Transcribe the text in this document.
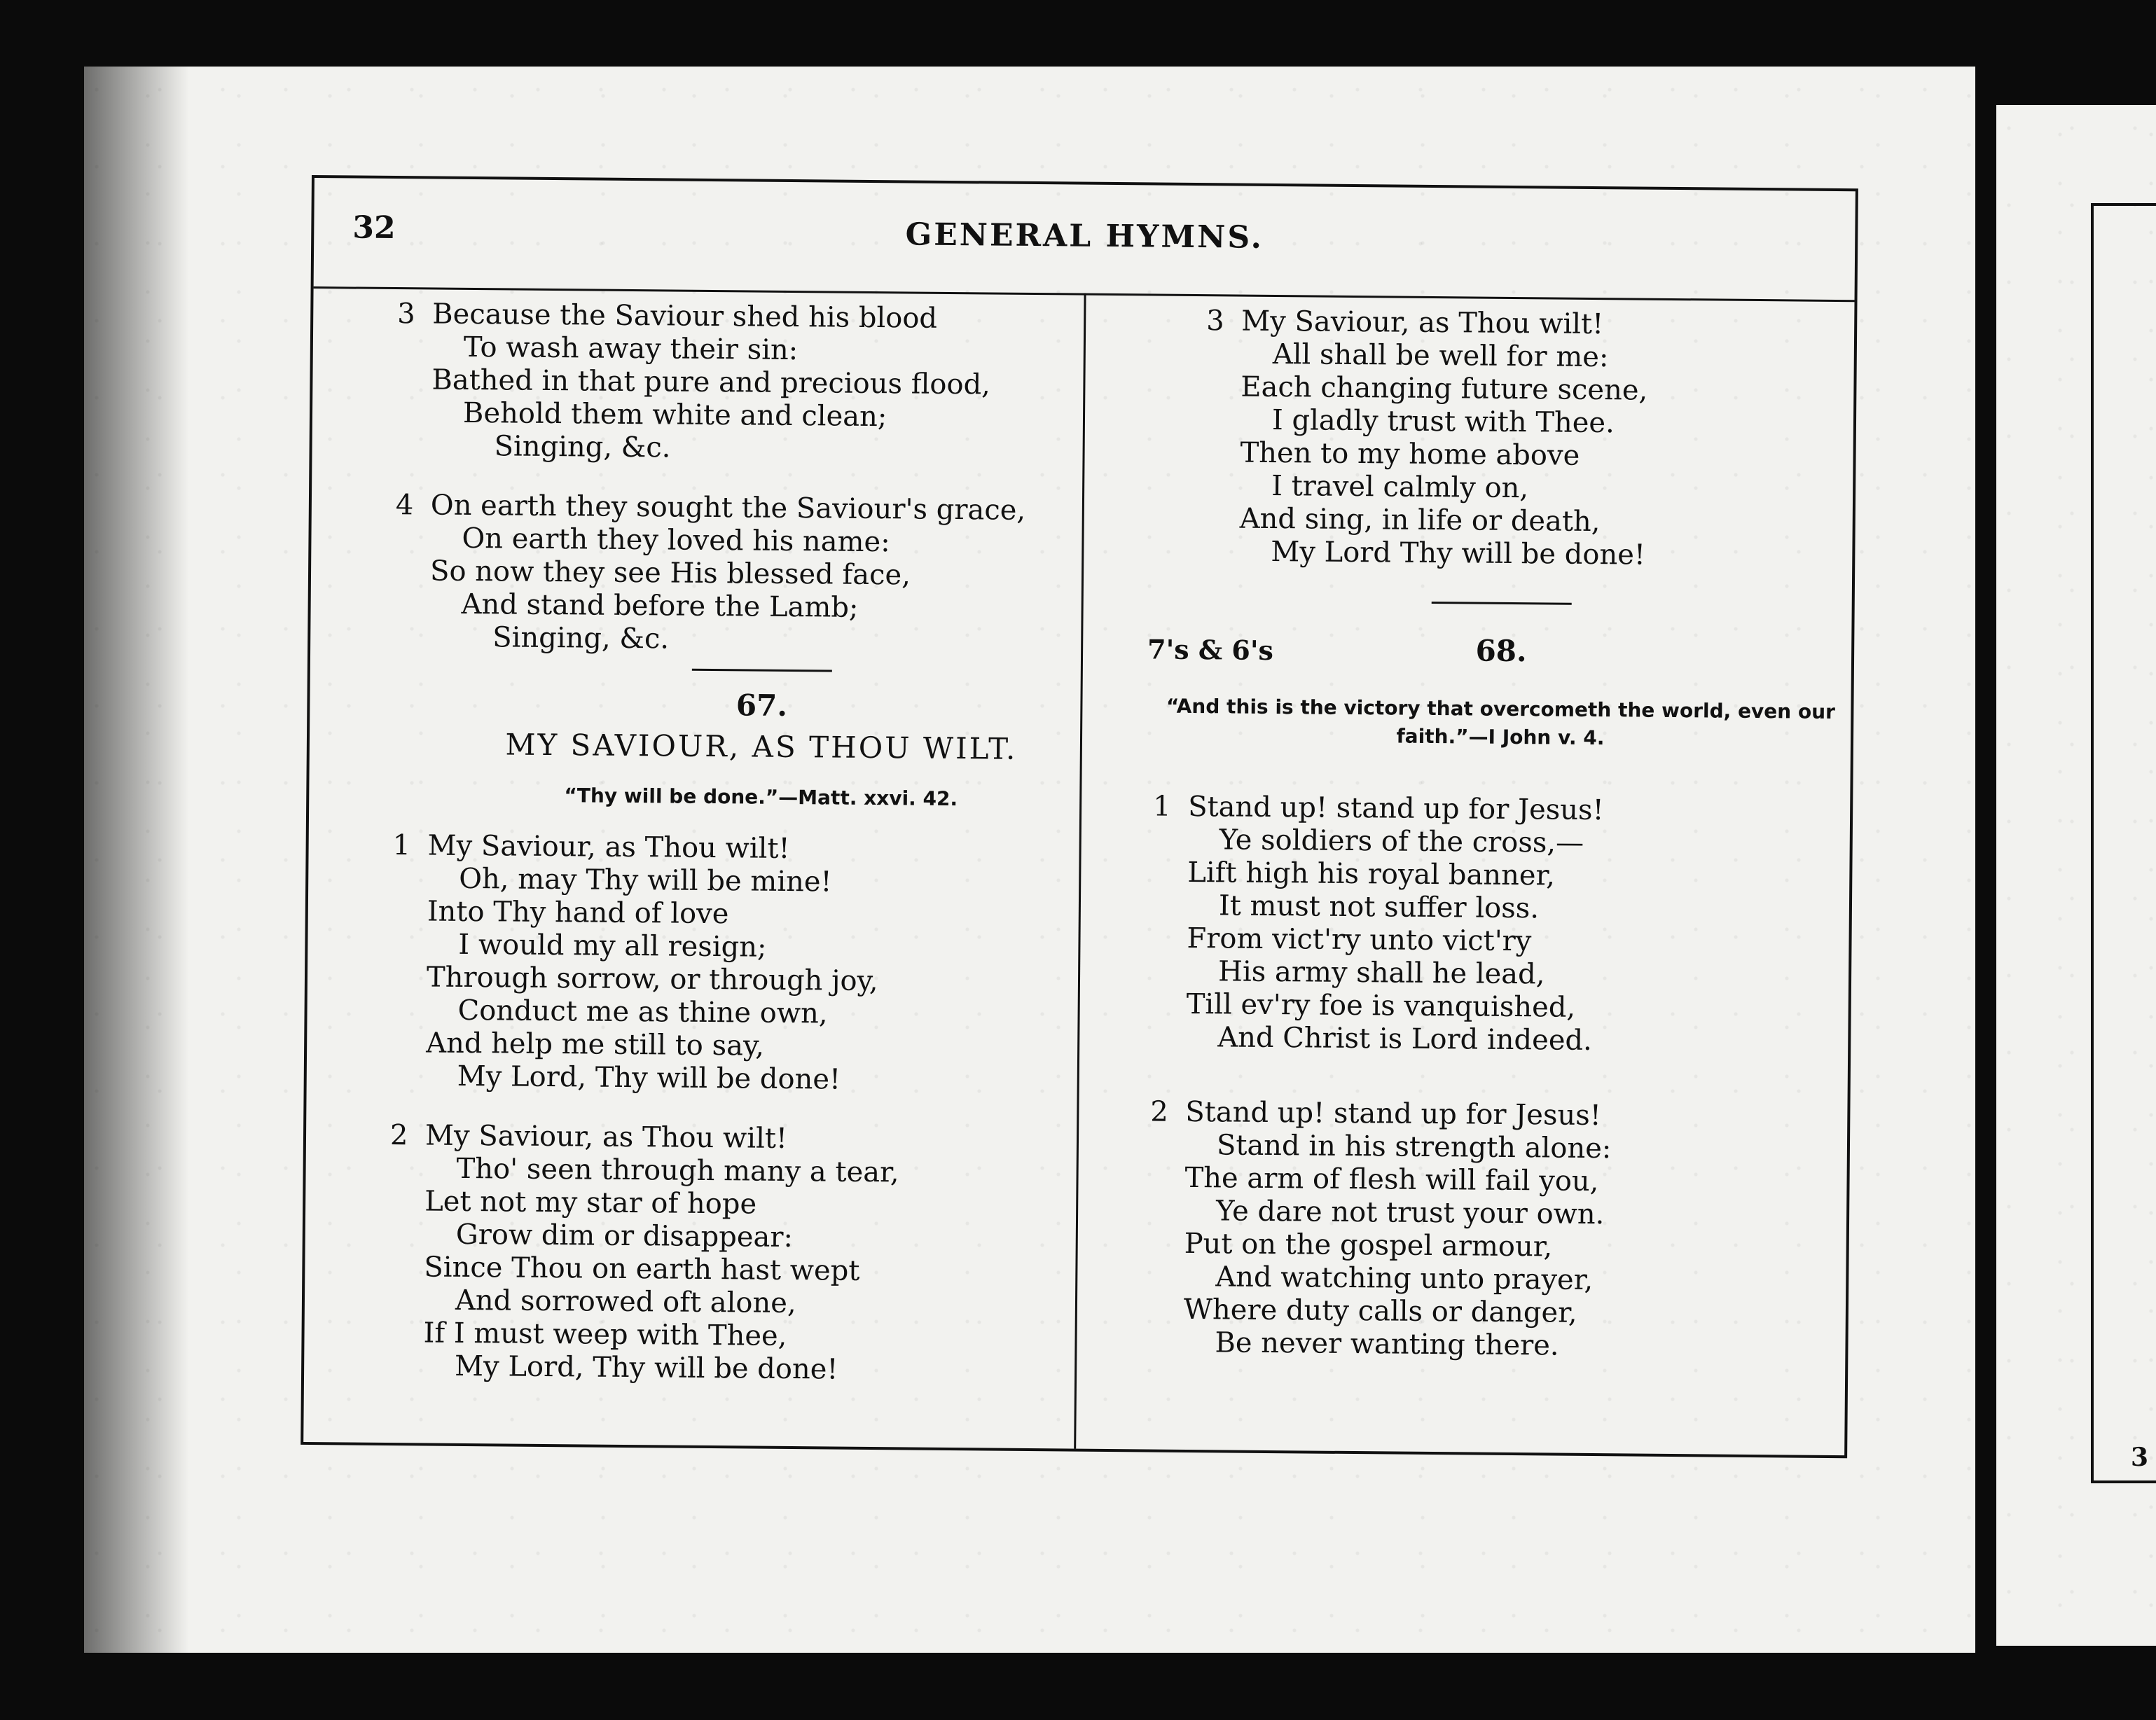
3
32	GENERAL HYMNS.
3 Because the Saviour shed his blood
To wash away their sin:
Bathed in that pure and precious flood,
Behold them white and clean;
Singing, &c.
4 On earth they sought the Saviour's grace,
On earth they loved his name:
So now they see His blessed face,
And stand before the Lamb;
Singing, &c.
67.
MY SAVIOUR, AS THOU WILT.
“Thy will be done.”—Matt. xxvi. 42.
1 My Saviour, as Thou wilt!
Oh, may Thy will be mine!
Into Thy hand of love
I would my all resign;
Through sorrow, or through joy,
Conduct me as thine own,
And help me still to say,
My Lord, Thy will be done!
2 My Saviour, as Thou wilt!
Tho' seen through many a tear,
Let not my star of hope
Grow dim or disappear:
Since Thou on earth hast wept
And sorrowed oft alone,
If I must weep with Thee,
My Lord, Thy will be done!
3 My Saviour, as Thou wilt!
All shall be well for me:
Each changing future scene,
I gladly trust with Thee.
Then to my home above
I travel calmly on,
And sing, in life or death,
My Lord Thy will be done!
7's & 6's	68.
“And this is the victory that overcometh the world, even our
faith.”—I John v. 4.
1 Stand up! stand up for Jesus!
Ye soldiers of the cross,—
Lift high his royal banner,
It must not suffer loss.
From vict'ry unto vict'ry
His army shall he lead,
Till ev'ry foe is vanquished,
And Christ is Lord indeed.
2 Stand up! stand up for Jesus!
Stand in his strength alone:
The arm of flesh will fail you,
Ye dare not trust your own.
Put on the gospel armour,
And watching unto prayer,
Where duty calls or danger,
Be never wanting there.
